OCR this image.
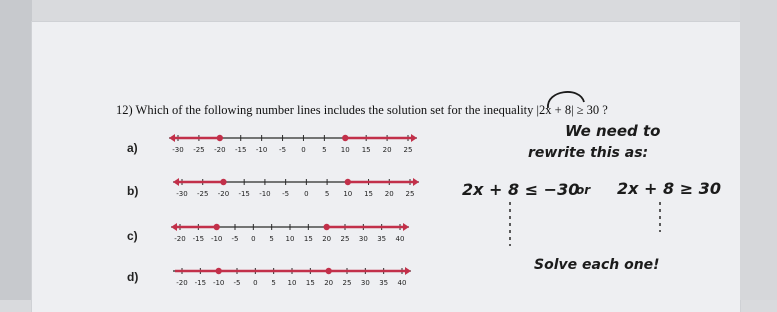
12) Which of the following number lines includes the solution set for the inequality |2x + 8| ≥ 30 ?
a)
b)
c)
d)
-30 -25 -20 -15 -10 -5 0 5 10 15 20 25
-30 -25 -20 -15 -10 -5 0 5 10 15 20 25
-20 -15 -10 -5 0 5 10 15 20 25 30 35 40
-20 -15 -10 -5 0 5 10 15 20 25 30 35 40
We need to
rewrite this as:
2x + 8 ≤ −30
or 2x + 8 ≥ 30
Solve each one!
